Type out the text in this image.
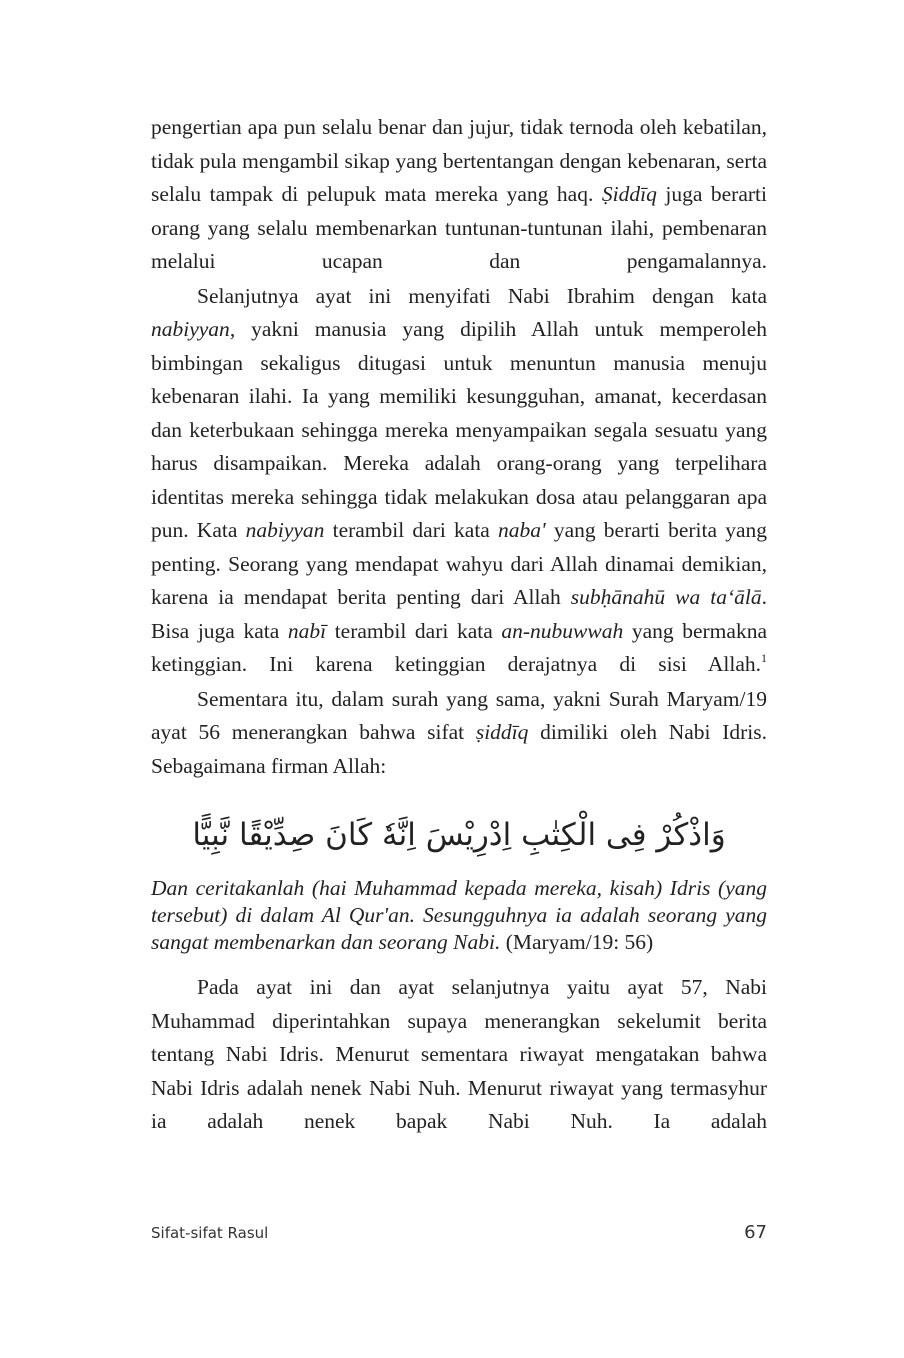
pengertian apa pun selalu benar dan jujur, tidak ternoda oleh kebatilan, tidak pula mengambil sikap yang bertentangan dengan kebenaran, serta selalu tampak di pelupuk mata mereka yang haq. Ṣiddīq juga berarti orang yang selalu membenarkan tuntunan-tuntunan ilahi, pembenaran melalui ucapan dan pengamalannya.

Selanjutnya ayat ini menyifati Nabi Ibrahim dengan kata nabiyyan, yakni manusia yang dipilih Allah untuk memperoleh bimbingan sekaligus ditugasi untuk menuntun manusia menuju kebenaran ilahi. Ia yang memiliki kesungguhan, amanat, kecerdasan dan keterbukaan sehingga mereka menyampaikan segala sesuatu yang harus disampaikan. Mereka adalah orang-orang yang terpelihara identitas mereka sehingga tidak melakukan dosa atau pelanggaran apa pun. Kata nabiyyan terambil dari kata naba' yang berarti berita yang penting. Seorang yang mendapat wahyu dari Allah dinamai demikian, karena ia mendapat berita penting dari Allah subḥānahū wa ta‘ālā. Bisa juga kata nabī terambil dari kata an-nubuwwah yang bermakna ketinggian. Ini karena ketinggian derajatnya di sisi Allah.$^1$

Sementara itu, dalam surah yang sama, yakni Surah Maryam/19 ayat 56 menerangkan bahwa sifat ṣiddīq dimiliki oleh Nabi Idris. Sebagaimana firman Allah:

وَاذْكُرْ فِى الْكِتٰبِ اِدْرِيْسَ اِنَّهٗ كَانَ صِدِّيْقًا نَّبِيًّا

Dan ceritakanlah (hai Muhammad kepada mereka, kisah) Idris (yang tersebut) di dalam Al Qur'an. Sesungguhnya ia adalah seorang yang sangat membenarkan dan seorang Nabi. (Maryam/19: 56)

Pada ayat ini dan ayat selanjutnya yaitu ayat 57, Nabi Muhammad diperintahkan supaya menerangkan sekelumit berita tentang Nabi Idris. Menurut sementara riwayat mengatakan bahwa Nabi Idris adalah nenek Nabi Nuh. Menurut riwayat yang termasyhur ia adalah nenek bapak Nabi Nuh. Ia adalah

Sifat-sifat Rasul	67
